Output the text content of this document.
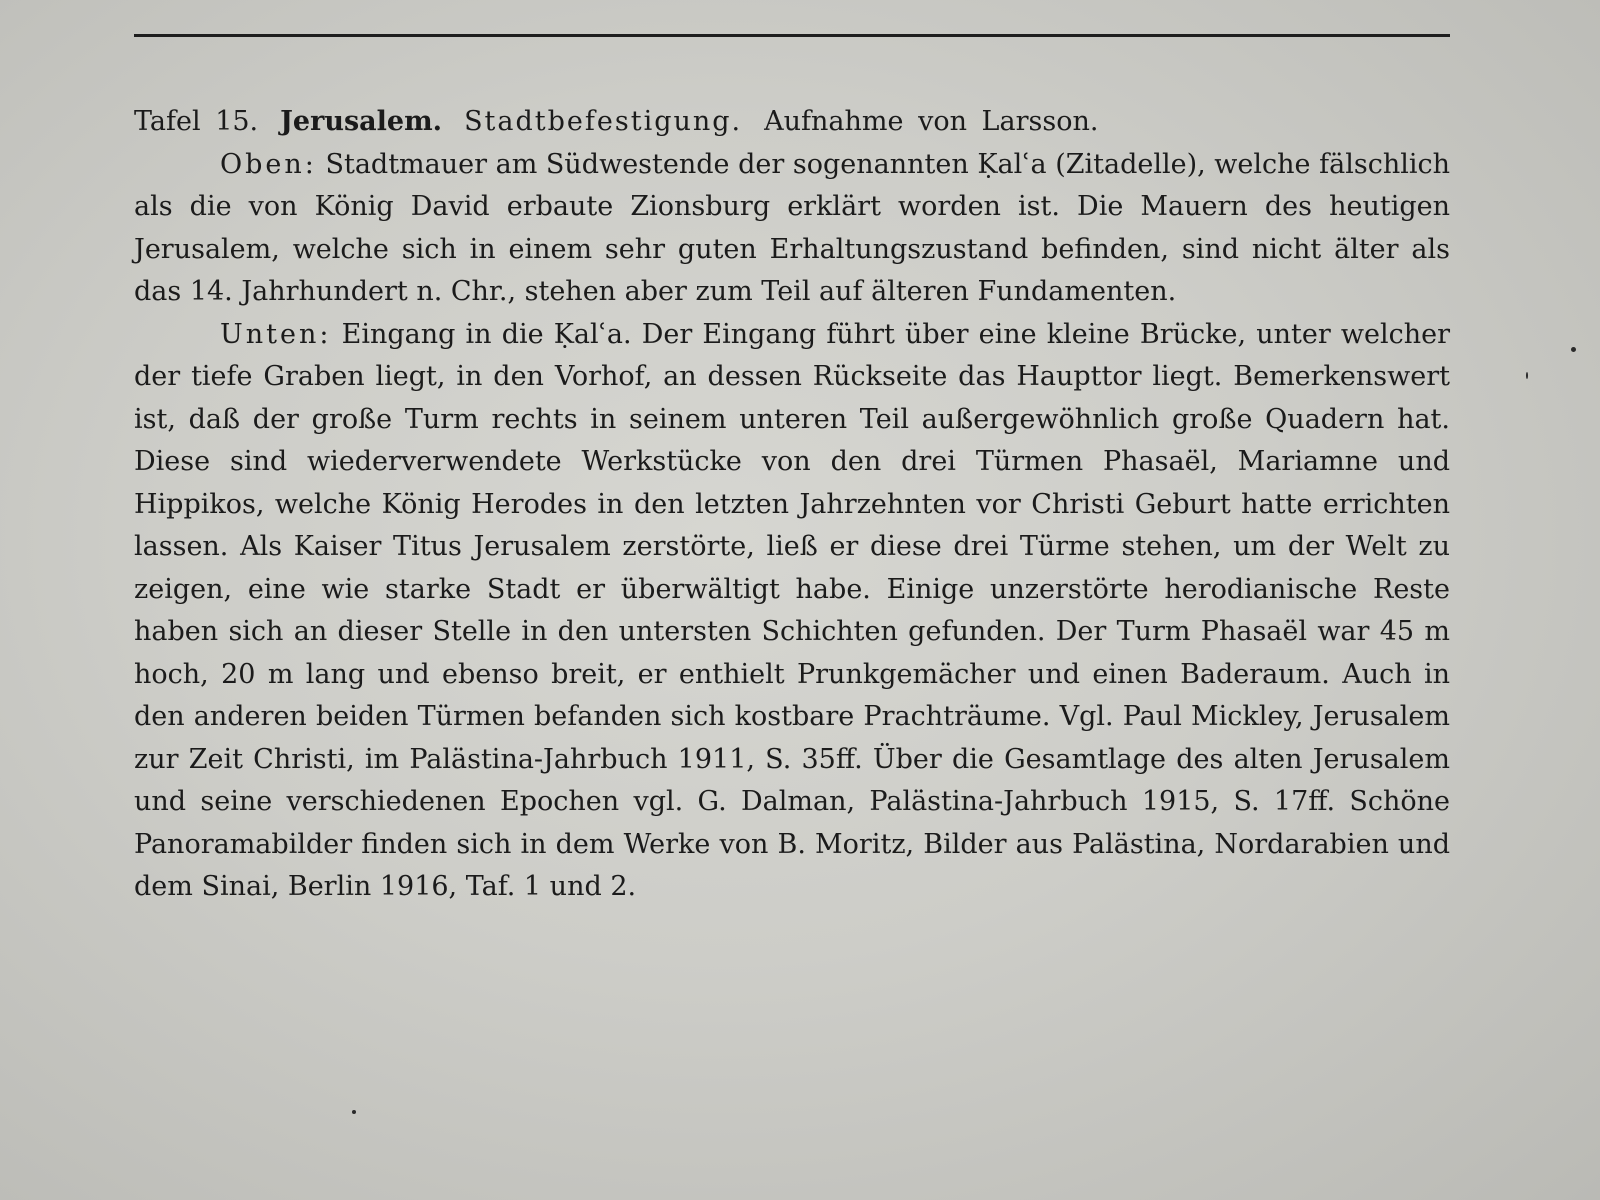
Tafel 15. Jerusalem. Stadtbefestigung. Aufnahme von Larsson.

Oben: Stadtmauer am Südwestende der sogenannten Ḳalʿa (Zitadelle), welche fälschlich als die von König David erbaute Zionsburg erklärt worden ist. Die Mauern des heutigen Jerusalem, welche sich in einem sehr guten Erhaltungszustand befinden, sind nicht älter als das 14. Jahrhundert n. Chr., stehen aber zum Teil auf älteren Fundamenten.

Unten: Eingang in die Ḳalʿa. Der Eingang führt über eine kleine Brücke, unter welcher der tiefe Graben liegt, in den Vorhof, an dessen Rückseite das Haupttor liegt. Bemerkenswert ist, daß der große Turm rechts in seinem unteren Teil außergewöhnlich große Quadern hat. Diese sind wiederverwendete Werkstücke von den drei Türmen Phasaël, Mariamne und Hippikos, welche König Herodes in den letzten Jahrzehnten vor Christi Geburt hatte errichten lassen. Als Kaiser Titus Jerusalem zerstörte, ließ er diese drei Türme stehen, um der Welt zu zeigen, eine wie starke Stadt er überwältigt habe. Einige unzerstörte herodianische Reste haben sich an dieser Stelle in den untersten Schichten gefunden. Der Turm Phasaël war 45 m hoch, 20 m lang und ebenso breit, er enthielt Prunkgemächer und einen Baderaum. Auch in den anderen beiden Türmen befanden sich kostbare Prachträume. Vgl. Paul Mickley, Jerusalem zur Zeit Christi, im Palästina-Jahrbuch 1911, S. 35ff. Über die Gesamtlage des alten Jerusalem und seine verschiedenen Epochen vgl. G. Dalman, Palästina-Jahrbuch 1915, S. 17ff. Schöne Panoramabilder finden sich in dem Werke von B. Moritz, Bilder aus Palästina, Nordarabien und dem Sinai, Berlin 1916, Taf. 1 und 2.
